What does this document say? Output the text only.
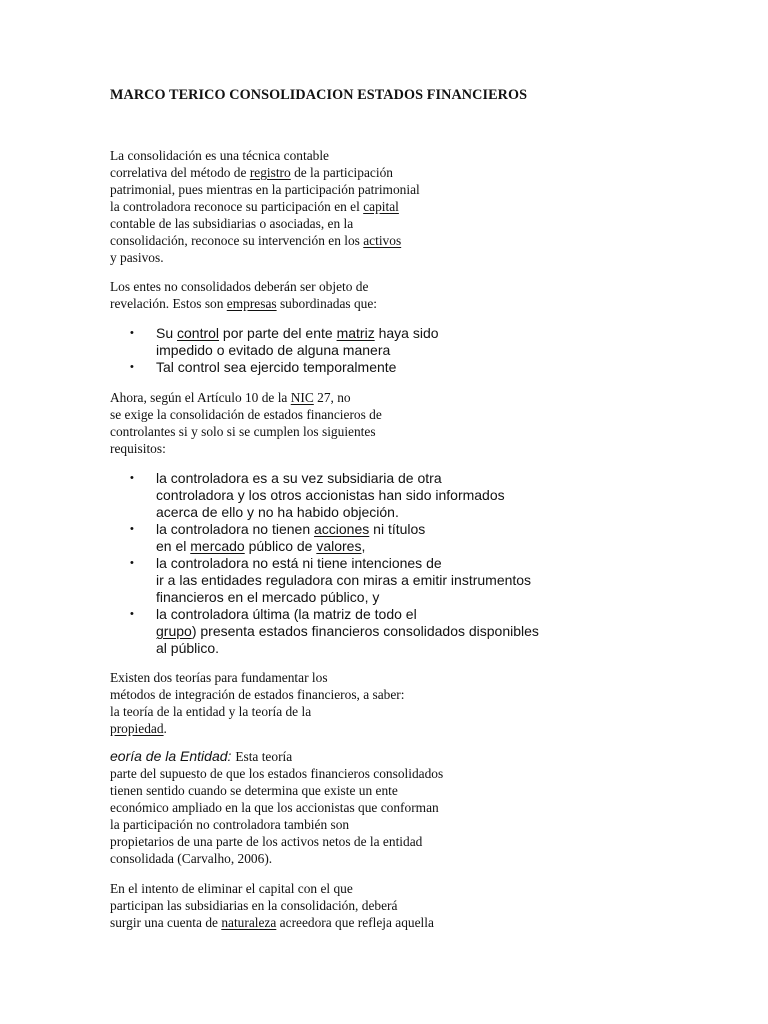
MARCO TERICO CONSOLIDACION ESTADOS FINANCIEROS
La consolidación es una técnica contable
correlativa del método de registro de la participación
patrimonial, pues mientras en la participación patrimonial
la controladora reconoce su participación en el capital
contable de las subsidiarias o asociadas, en la
consolidación, reconoce su intervención en los activos
y pasivos.
Los entes no consolidados deberán ser objeto de
revelación. Estos son empresas subordinadas que:
• Su control por parte del ente matriz haya sido
impedido o evitado de alguna manera
• Tal control sea ejercido temporalmente
Ahora, según el Artículo 10 de la NIC 27, no
se exige la consolidación de estados financieros de
controlantes si y solo si se cumplen los siguientes
requisitos:
• la controladora es a su vez subsidiaria de otra
controladora y los otros accionistas han sido informados
acerca de ello y no ha habido objeción.
• la controladora no tienen acciones ni títulos
en el mercado público de valores,
• la controladora no está ni tiene intenciones de
ir a las entidades reguladora con miras a emitir instrumentos
financieros en el mercado público, y
• la controladora última (la matriz de todo el
grupo) presenta estados financieros consolidados disponibles
al público.
Existen dos teorías para fundamentar los
métodos de integración de estados financieros, a saber:
la teoría de la entidad y la teoría de la
propiedad.
eoría de la Entidad: Esta teoría
parte del supuesto de que los estados financieros consolidados
tienen sentido cuando se determina que existe un ente
económico ampliado en la que los accionistas que conforman
la participación no controladora también son
propietarios de una parte de los activos netos de la entidad
consolidada (Carvalho, 2006).
En el intento de eliminar el capital con el que
participan las subsidiarias en la consolidación, deberá
surgir una cuenta de naturaleza acreedora que refleja aquella
